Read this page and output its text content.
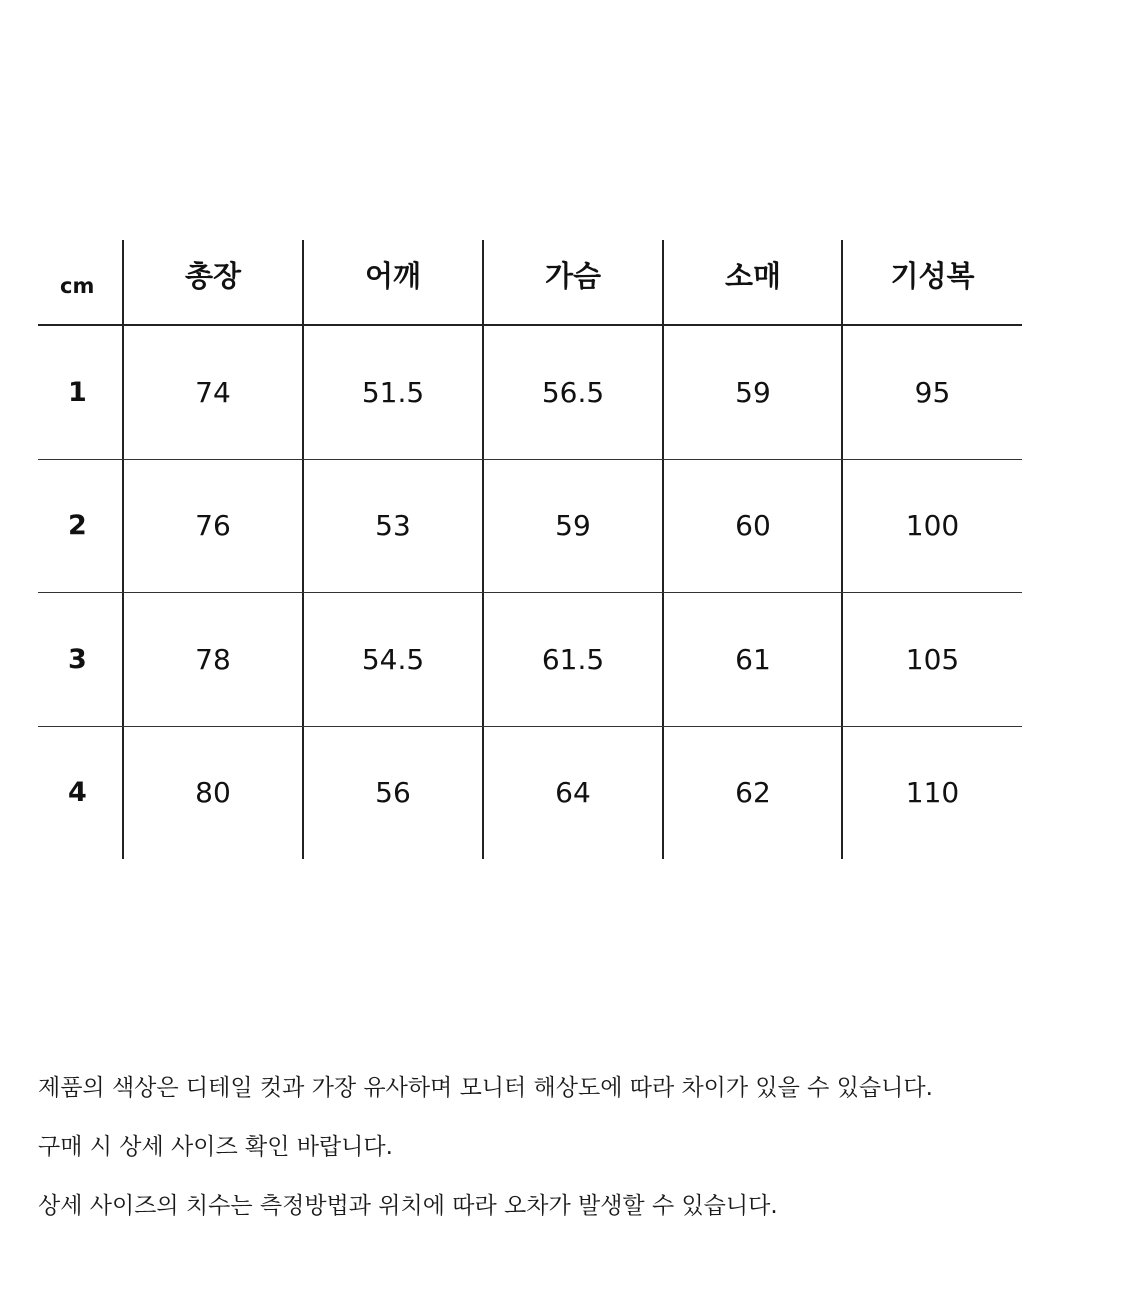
cm	총장	어깨	가슴	소매	기성복
1	74	51.5	56.5	59	95
2	76	53	59	60	100
3	78	54.5	61.5	61	105
4	80	56	64	62	110
제품의 색상은 디테일 컷과 가장 유사하며 모니터 해상도에 따라 차이가 있을 수 있습니다.
구매 시 상세 사이즈 확인 바랍니다.
상세 사이즈의 치수는 측정방법과 위치에 따라 오차가 발생할 수 있습니다.
